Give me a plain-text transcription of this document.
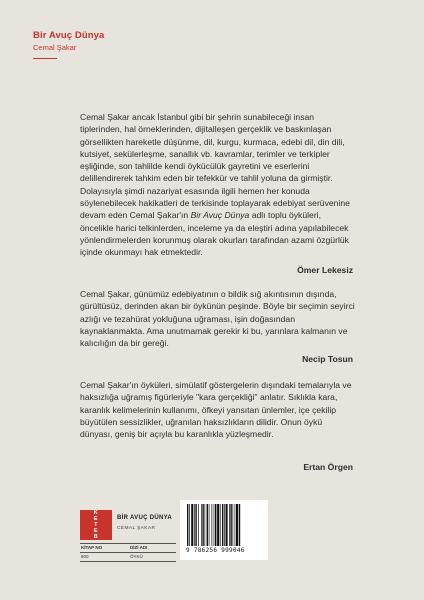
Bir Avuç Dünya
Cemal Şakar

Cemal Şakar ancak İstanbul gibi bir şehrin sunabileceği insan tiplerinden, hal örneklerinden, dijitalleşen gerçeklik ve baskınlaşan görsellikten hareketle düşünme, dil, kurgu, kurmaca, edebi dil, din dili, kutsiyet, sekülerleşme, sanallık vb. kavramlar, terimler ve terkipler eşliğinde, son tahlilde kendi öykücülük gayretini ve eserlerini delillendirerek tahkim eden bir tefekkür ve tahlil yoluna da girmiştir. Dolayısıyla şimdi nazariyat esasında ilgili hemen her konuda söylenebilecek hakikatleri de terkisinde toplayarak edebiyat serüvenine devam eden Cemal Şakar'ın Bir Avuç Dünya adlı toplu öyküleri, öncelikle harici telkinlerden, inceleme ya da eleştiri adına yapılabilecek yönlendirmelerden korunmuş olarak okurları tarafından azami özgürlük içinde okunmayı hak etmektedir.

Ömer Lekesiz

Cemal Şakar, günümüz edebiyatının o bildik sığ akıntısının dışında, gürültüsüz, derinden akan bir öykünün peşinde. Böyle bir seçimin seyirci azlığı ve tezahürat yokluğuna uğraması, işin doğasından kaynaklanmakta. Ama unutmamak gerekir ki bu, yarınlara kalmanın ve kalıcılığın da bir gereği.

Necip Tosun

Cemal Şakar'ın öyküleri, simülatif göstergelerin dışındaki temalarıyla ve haksızlığa uğramış figürleriyle "kara gerçekliği" anlatır. Sıklıkla kara, karanlık kelimelerinin kullanımı, öfkeyi yansıtan ünlemler, içe çekilip büyütülen sessizlikler, uğranılan haksızlıkların dilidir. Onun öykü dünyası, geniş bir açıyla bu karanlıkla yüzleşmedir.

Ertan Örgen
K
E
T
E
B
BİR AVUÇ DÜNYA
CEMAL ŞAKAR
KİTAP NO	DİZİ ADI
800	ÖYKÜ
9 786256 999046
